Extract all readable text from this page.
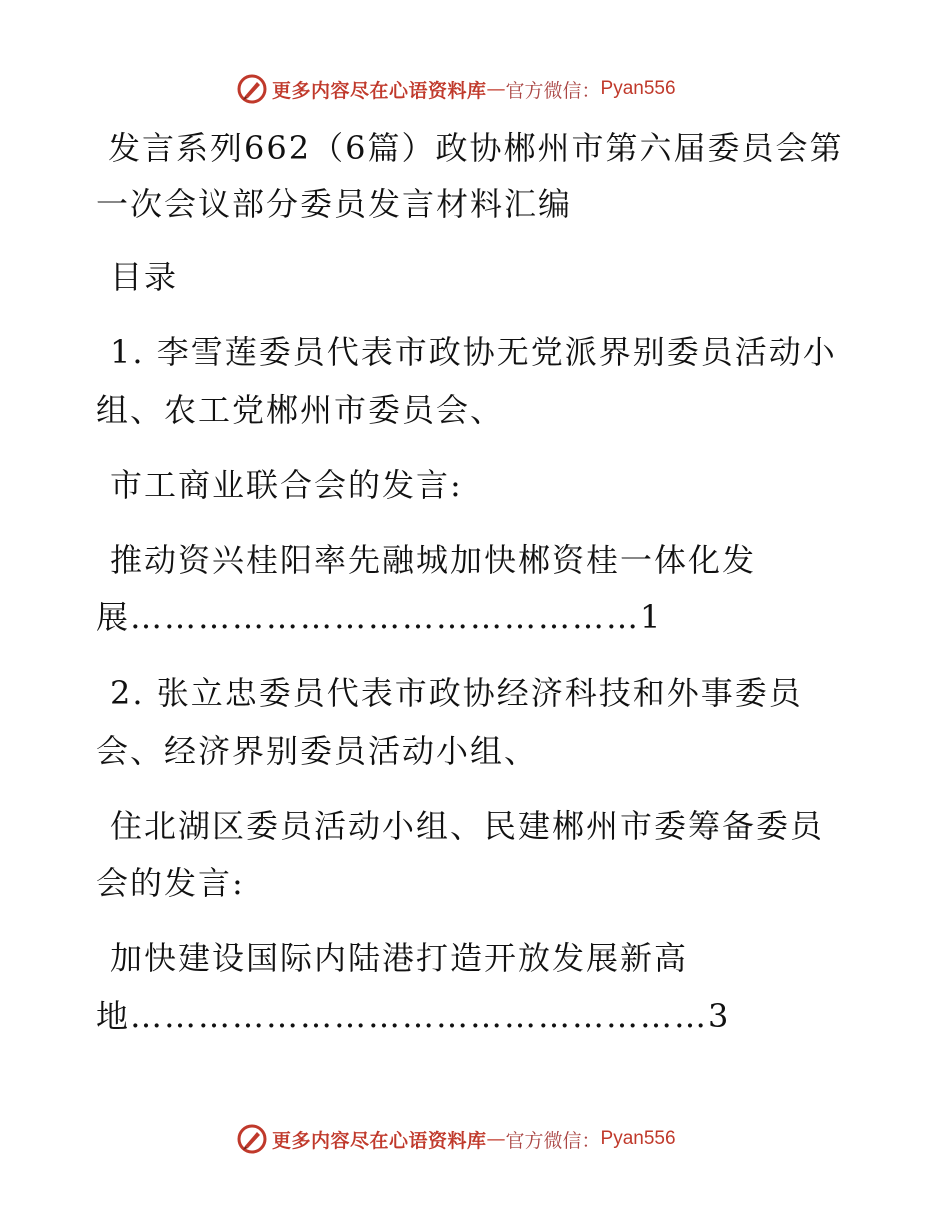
更多内容尽在心语资料库 — 官方微信： Pyan556
发言系列662（6篇）政协郴州市第六届委员会第
一次会议部分委员发言材料汇编
目录
1. 李雪莲委员代表市政协无党派界别委员活动小
组、农工党郴州市委员会、
市工商业联合会的发言:
推动资兴桂阳率先融城加快郴资桂一体化发
展………………………………………1
2. 张立忠委员代表市政协经济科技和外事委员
会、经济界别委员活动小组、
住北湖区委员活动小组、民建郴州市委筹备委员
会的发言:
加快建设国际内陆港打造开放发展新高
地……………………………………………3
更多内容尽在心语资料库 — 官方微信： Pyan556
